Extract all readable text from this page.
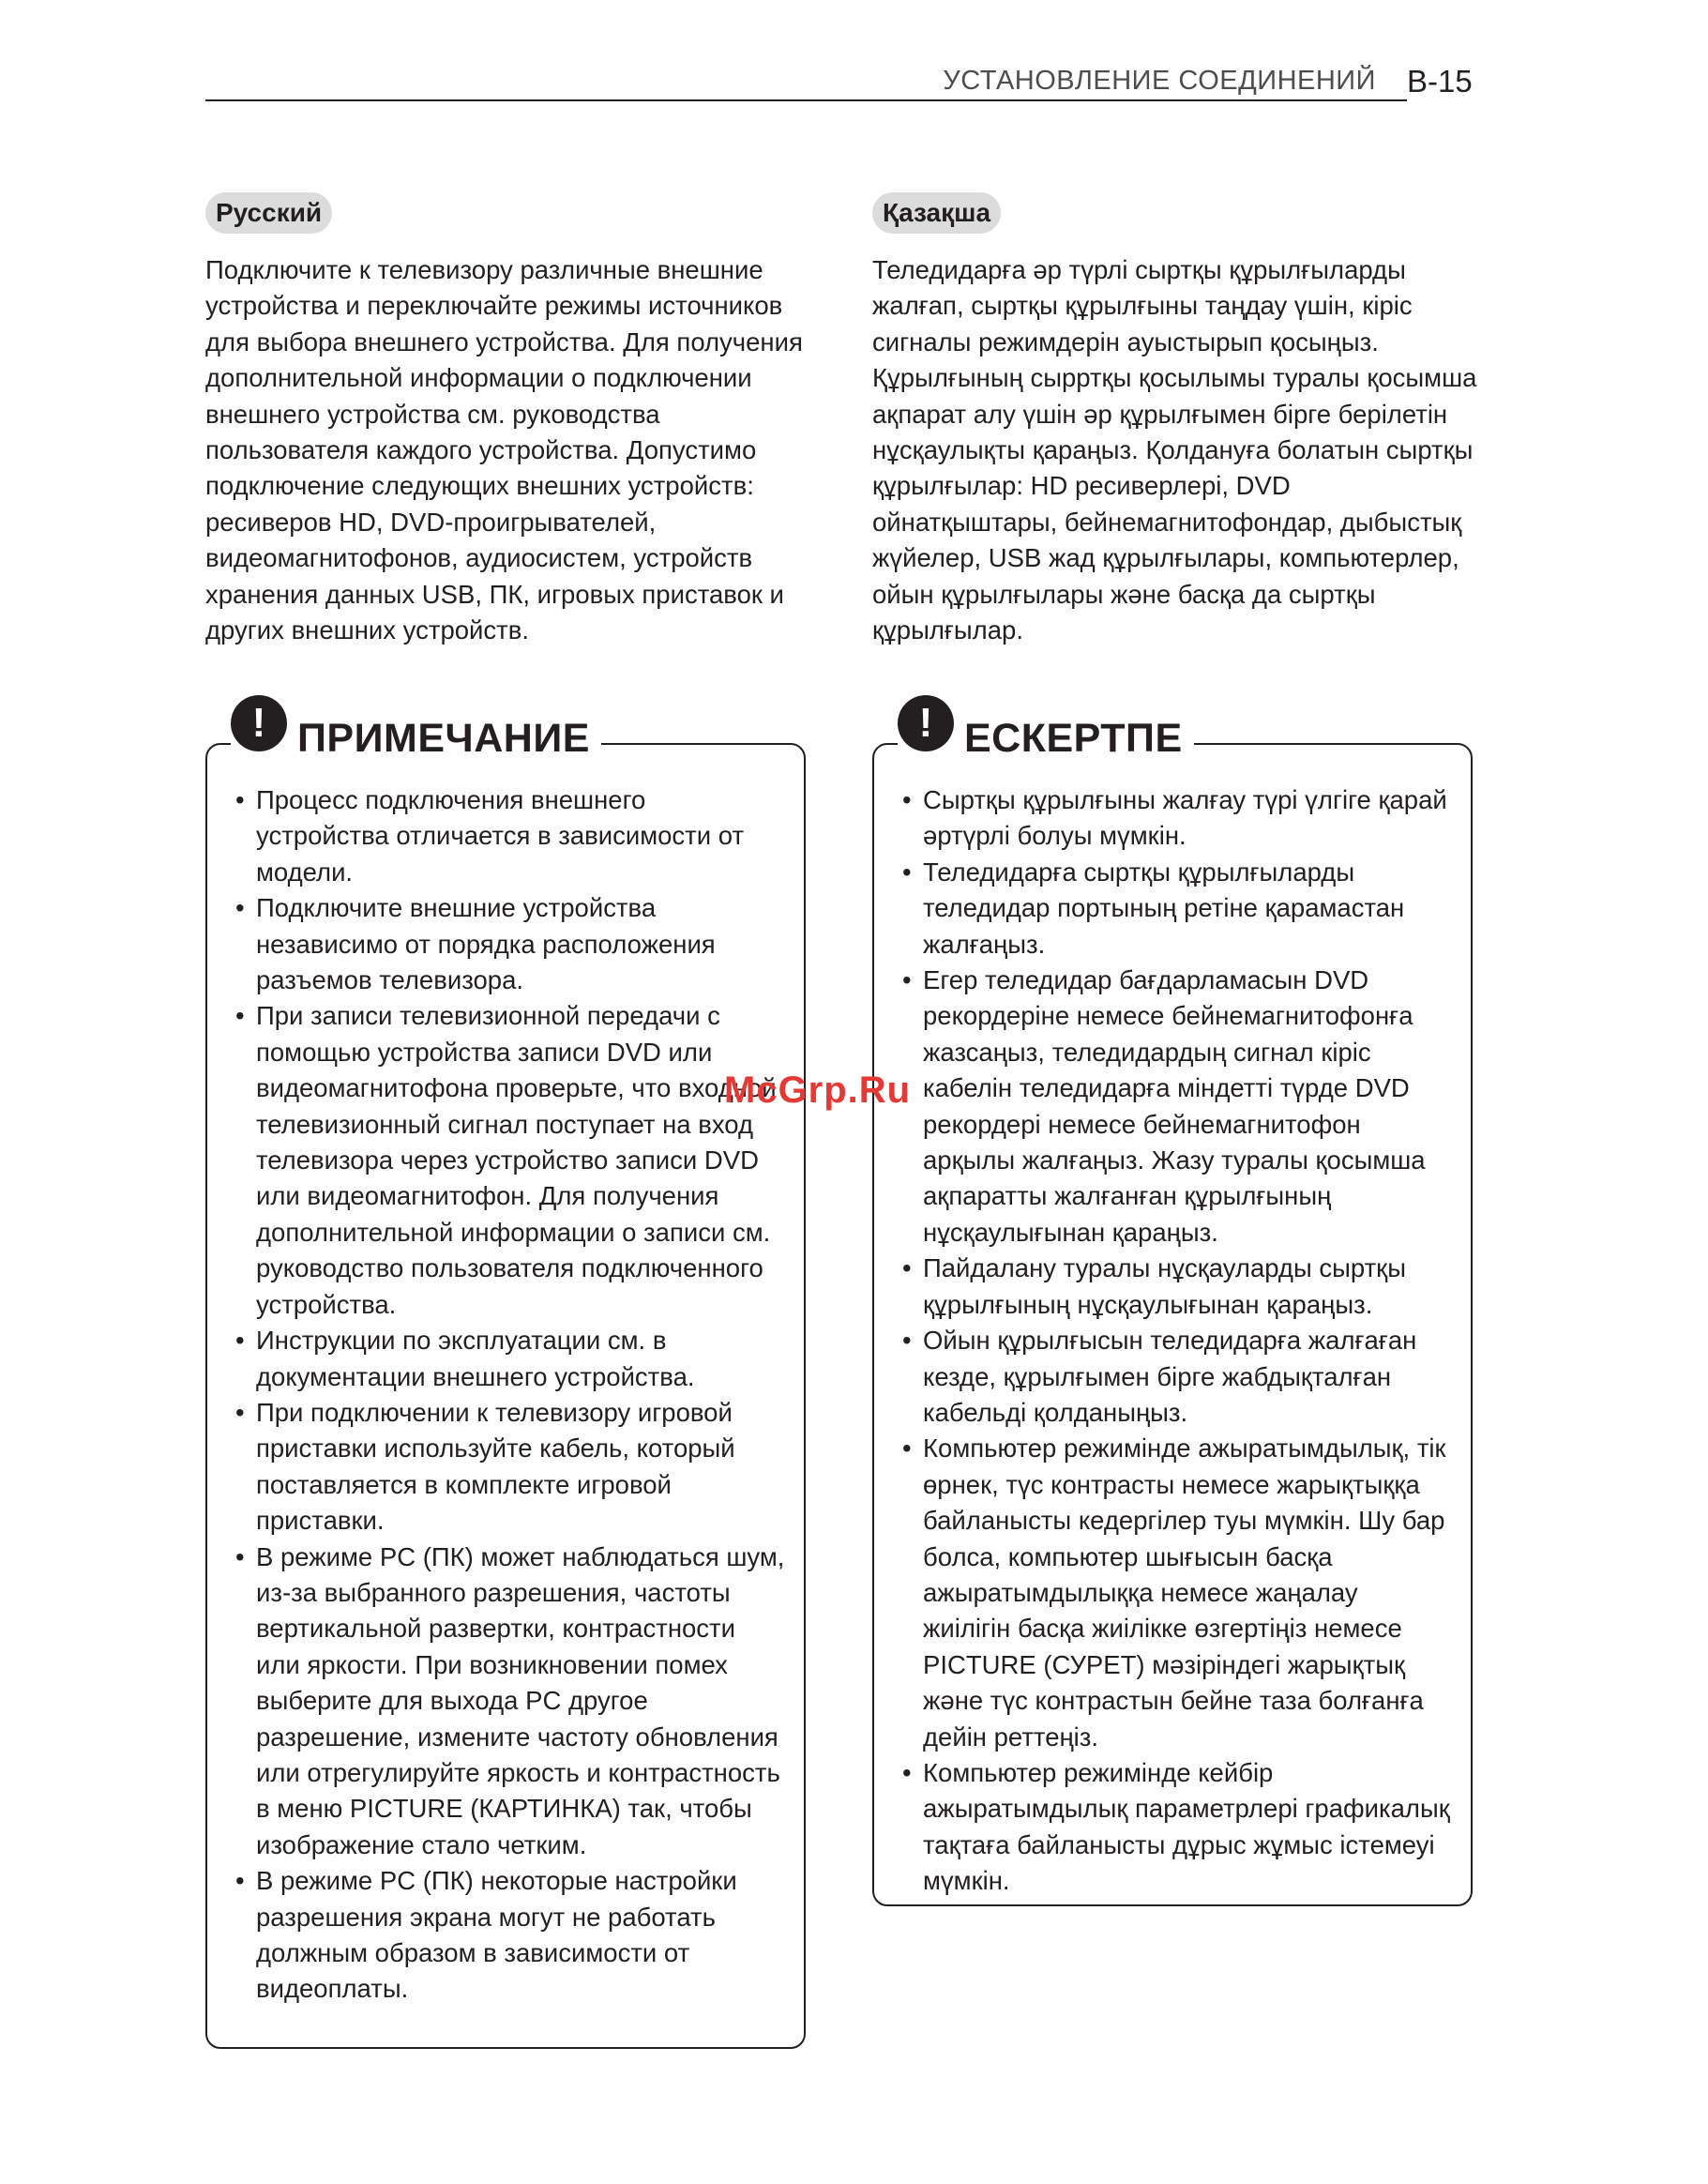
УСТАНОВЛЕНИЕ СОЕДИНЕНИЙ B-15
Русский

Подключите к телевизору различные внешние устройства и переключайте режимы источников для выбора внешнего устройства. Для получения дополнительной информации о подключении внешнего устройства см. руководства пользователя каждого устройства. Допустимо подключение следующих внешних устройств: ресиверов HD, DVD-проигрывателей, видеомагнитофонов, аудиосистем, устройств хранения данных USB, ПК, игровых приставок и других внешних устройств.

! ПРИМЕЧАНИЕ
• Процесс подключения внешнего устройства отличается в зависимости от модели.
• Подключите внешние устройства независимо от порядка расположения разъемов телевизора.
• При записи телевизионной передачи с помощью устройства записи DVD или видеомагнитофона проверьте, что входной телевизионный сигнал поступает на вход телевизора через устройство записи DVD или видеомагнитофон. Для получения дополнительной информации о записи см. руководство пользователя подключенного устройства.
• Инструкции по эксплуатации см. в документации внешнего устройства.
• При подключении к телевизору игровой приставки используйте кабель, который поставляется в комплекте игровой приставки.
• В режиме PC (ПК) может наблюдаться шум, из-за выбранного разрешения, частоты вертикальной развертки, контрастности или яркости. При возникновении помех выберите для выхода PC другое разрешение, измените частоту обновления или отрегулируйте яркость и контрастность в меню PICTURE (КАРТИНКА) так, чтобы изображение стало четким.
• В режиме PC (ПК) некоторые настройки разрешения экрана могут не работать должным образом в зависимости от видеоплаты.
Қазақша

Теледидарға әр түрлі сыртқы құрылғыларды жалғап, сыртқы құрылғыны таңдау үшін, кіріс сигналы режимдерін ауыстырып қосыңыз. Құрылғының сырртқы қосылымы туралы қосымша ақпарат алу үшін әр құрылғымен бірге берілетін нұсқаулықты қараңыз. Қолдануға болатын сыртқы құрылғылар: HD ресиверлері, DVD ойнатқыштары, бейнемагнитофондар, дыбыстық жүйелер, USB жад құрылғылары, компьютерлер, ойын құрылғылары және басқа да сыртқы құрылғылар.

! ЕСКЕРТПЕ
• Сыртқы құрылғыны жалғау түрі үлгіге қарай әртүрлі болуы мүмкін.
• Теледидарға сыртқы құрылғыларды теледидар портының ретіне қарамастан жалғаңыз.
• Егер теледидар бағдарламасын DVD рекордеріне немесе бейнемагнитофонға жазсаңыз, теледидардың сигнал кіріс кабелін теледидарға міндетті түрде DVD рекордері немесе бейнемагнитофон арқылы жалғаңыз. Жазу туралы қосымша ақпаратты жалғанған құрылғының нұсқаулығынан қараңыз.
• Пайдалану туралы нұсқауларды сыртқы құрылғының нұсқаулығынан қараңыз.
• Ойын құрылғысын теледидарға жалғаған кезде, құрылғымен бірге жабдықталған кабельді қолданыңыз.
• Компьютер режимінде ажыратымдылық, тік өрнек, түс контрасты немесе жарықтыққа байланысты кедергілер туы мүмкін. Шу бар болса, компьютер шығысын басқа ажыратымдылыққа немесе жаңалау жиілігін басқа жиілікке өзгертіңіз немесе PICTURE (СУРЕТ) мәзіріндегі жарықтық және түс контрастын бейне таза болғанға дейін реттеңіз.
• Компьютер режимінде кейбір ажыратымдылық параметрлері графикалық тақтаға байланысты дұрыс жұмыс істемеуі мүмкін.
McGrp.Ru
